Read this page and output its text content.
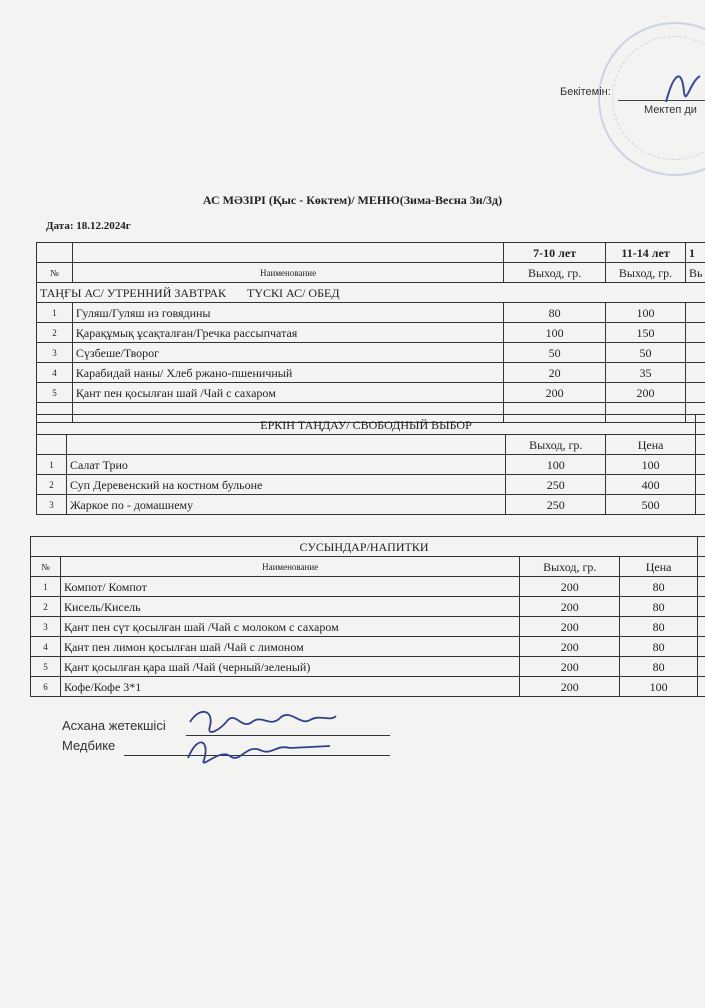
Бекітемін:
Мектеп ди
АС МӘЗІРІ (Қыс - Көктем)/ МЕНЮ(Зима-Весна 3и/3д)
Дата: 18.12.2024г
		7-10 лет	11-14 лет	1
№	Наименование	Выход, гр.	Выход, гр.	Вь
ТАҢҒЫ АС/ УТРЕННИЙ ЗАВТРАК       ТҮСКІ АС/ ОБЕД				
1	Гуляш/Гуляш из говядины	80	100	
2	Қарақұмық ұсақталған/Гречка рассыпчатая	100	150	
3	Сүзбеше/Творог	50	50	
4	Карабидай наны/ Хлеб ржано-пшеничный	20	35	
5	Қант пен қосылған шай /Чай с сахаром	200	200	

ЕРКІН ТАҢДАУ/ СВОБОДНЫЙ ВЫБОР				
		Выход, гр.	Цена	
1	Салат Трио	100	100	
2	Суп Деревенский на костном бульоне	250	400	
3	Жаркое по - домашнему	250	500	
СУСЫНДАР/НАПИТКИ				
№	Наименование	Выход, гр.	Цена	
1	Компот/ Компот	200	80	
2	Кисель/Кисель	200	80	
3	Қант пен сүт қосылған шай /Чай с молоком с сахаром	200	80	
4	Қант пен лимон қосылған шай /Чай с лимоном	200	80	
5	Қант қосылған қара шай /Чай (черный/зеленый)	200	80	
6	Кофе/Кофе 3*1	200	100	
Асхана жетекшісі
Медбике
